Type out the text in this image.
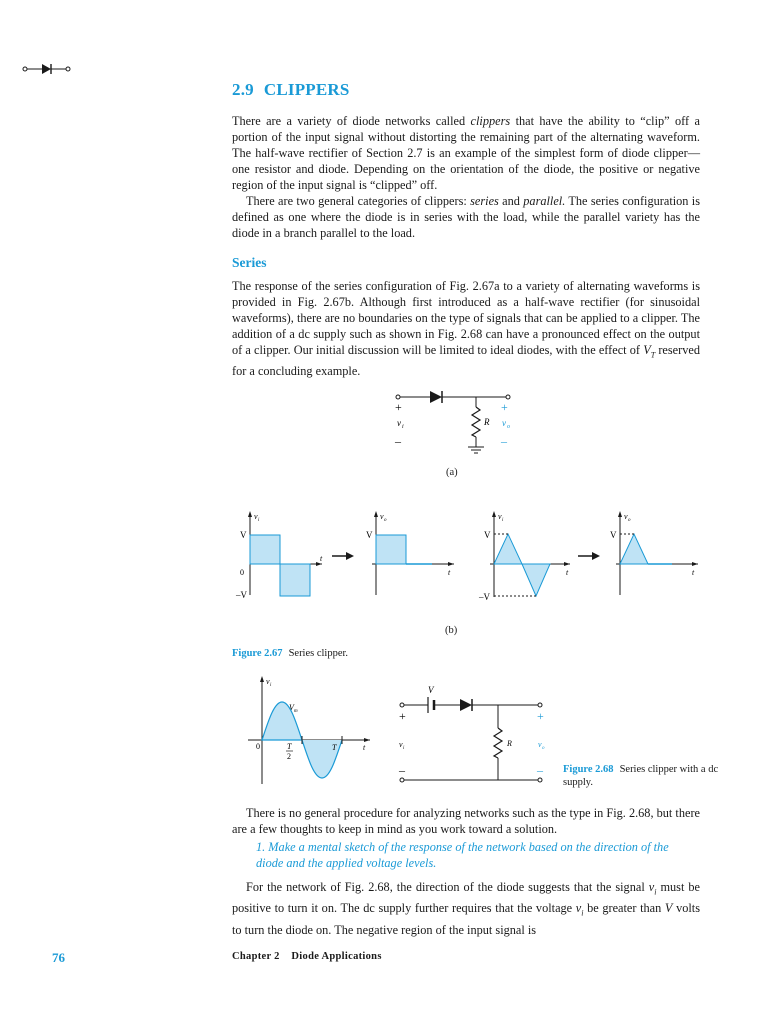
2.9 CLIPPERS

There are a variety of diode networks called clippers that have the ability to “clip” off a portion of the input signal without distorting the remaining part of the alternating waveform. The half-wave rectifier of Section 2.7 is an example of the simplest form of diode clipper—one resistor and diode. Depending on the orientation of the diode, the positive or negative region of the input signal is “clipped” off.

There are two general categories of clippers: series and parallel. The series configuration is defined as one where the diode is in series with the load, while the parallel variety has the diode in a branch parallel to the load.

Series

The response of the series configuration of Fig. 2.67a to a variety of alternating waveforms is provided in Fig. 2.67b. Although first introduced as a half-wave rectifier (for sinusoidal waveforms), there are no boundaries on the type of signals that can be applied to a clipper. The addition of a dc supply such as shown in Fig. 2.68 can have a pronounced effect on the output of a clipper. Our initial discussion will be limited to ideal diodes, with the effect of $V_T$ reserved for a concluding example.

+
–
v i	R
+
–
v o
(a)
v i
V
0
–V
t
v o
V
t
v i
V
–V
t
v o
V
t
(b)
Figure 2.67 Series clipper.
v i
V m
0	T
2
T	t
V
+
–
v i
R
+
–
v o
Figure 2.68 Series clipper with a dc supply.

There is no general procedure for analyzing networks such as the type in Fig. 2.68, but there are a few thoughts to keep in mind as you work toward a solution.

1. Make a mental sketch of the response of the network based on the direction of the diode and the applied voltage levels.

For the network of Fig. 2.68, the direction of the diode suggests that the signal $v_i$ must be positive to turn it on. The dc supply further requires that the voltage $v_i$ be greater than V volts to turn the diode on. The negative region of the input signal is

76	Chapter 2    Diode Applications
